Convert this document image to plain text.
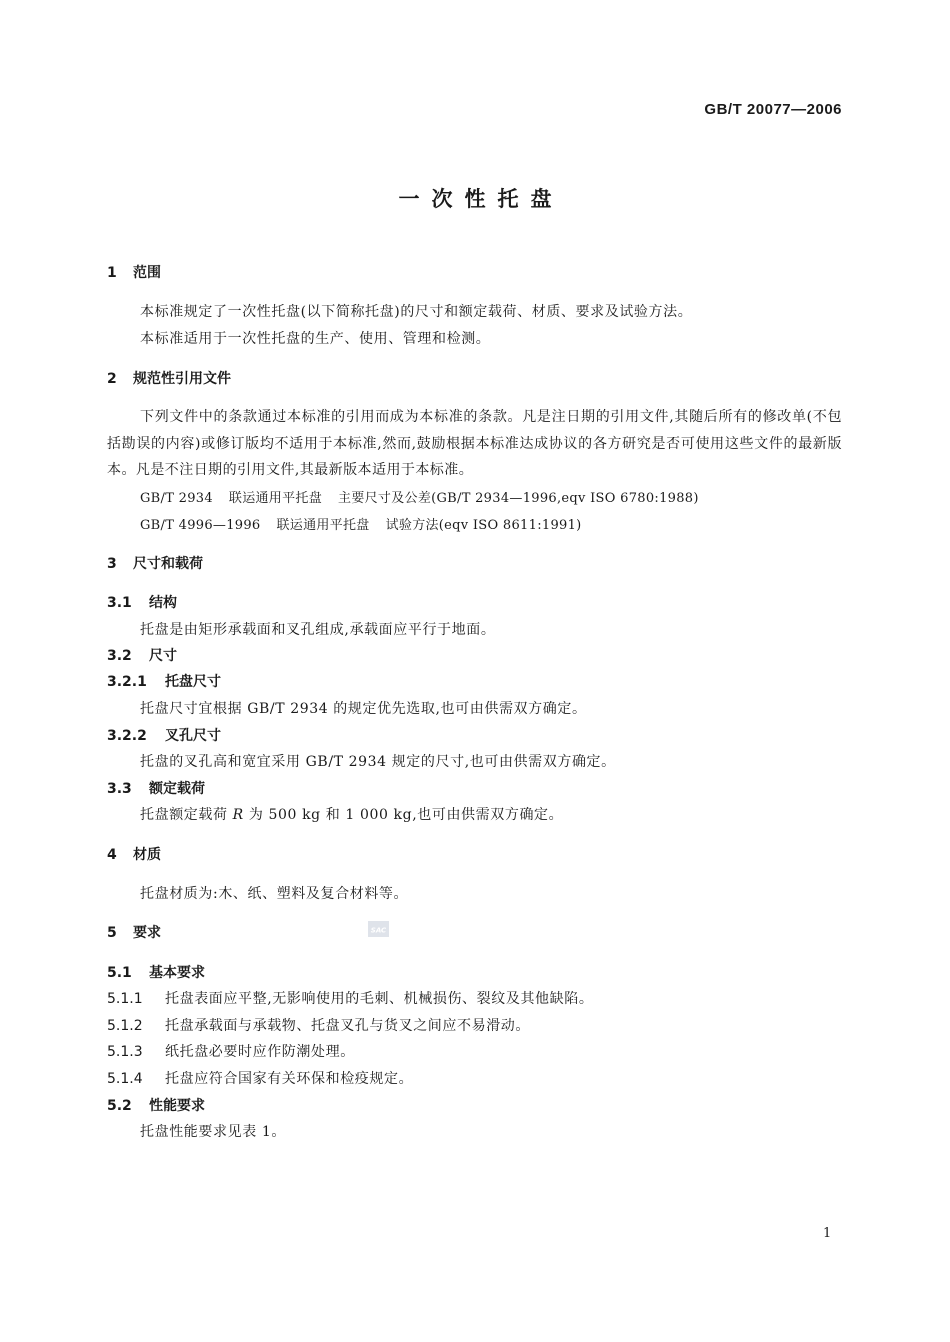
GB/T 20077—2006
一次性托盘
1 范围
本标准规定了一次性托盘(以下简称托盘)的尺寸和额定载荷、材质、要求及试验方法。
本标准适用于一次性托盘的生产、使用、管理和检测。
2 规范性引用文件
下列文件中的条款通过本标准的引用而成为本标准的条款。凡是注日期的引用文件,其随后所有的修改单(不包括勘误的内容)或修订版均不适用于本标准,然而,鼓励根据本标准达成协议的各方研究是否可使用这些文件的最新版本。凡是不注日期的引用文件,其最新版本适用于本标准。
GB/T 2934 联运通用平托盘 主要尺寸及公差(GB/T 2934—1996,eqv ISO 6780:1988)
GB/T 4996—1996 联运通用平托盘 试验方法(eqv ISO 8611:1991)
3 尺寸和载荷
3.1 结构
托盘是由矩形承载面和叉孔组成,承载面应平行于地面。
3.2 尺寸
3.2.1 托盘尺寸
托盘尺寸宜根据 GB/T 2934 的规定优先选取,也可由供需双方确定。
3.2.2 叉孔尺寸
托盘的叉孔高和宽宜采用 GB/T 2934 规定的尺寸,也可由供需双方确定。
3.3 额定载荷
托盘额定载荷 R 为 500 kg 和 1 000 kg,也可由供需双方确定。
4 材质
托盘材质为:木、纸、塑料及复合材料等。
5 要求	SAC
5.1 基本要求
5.1.1 托盘表面应平整,无影响使用的毛刺、机械损伤、裂纹及其他缺陷。
5.1.2 托盘承载面与承载物、托盘叉孔与货叉之间应不易滑动。
5.1.3 纸托盘必要时应作防潮处理。
5.1.4 托盘应符合国家有关环保和检疫规定。
5.2 性能要求
托盘性能要求见表 1。
1
